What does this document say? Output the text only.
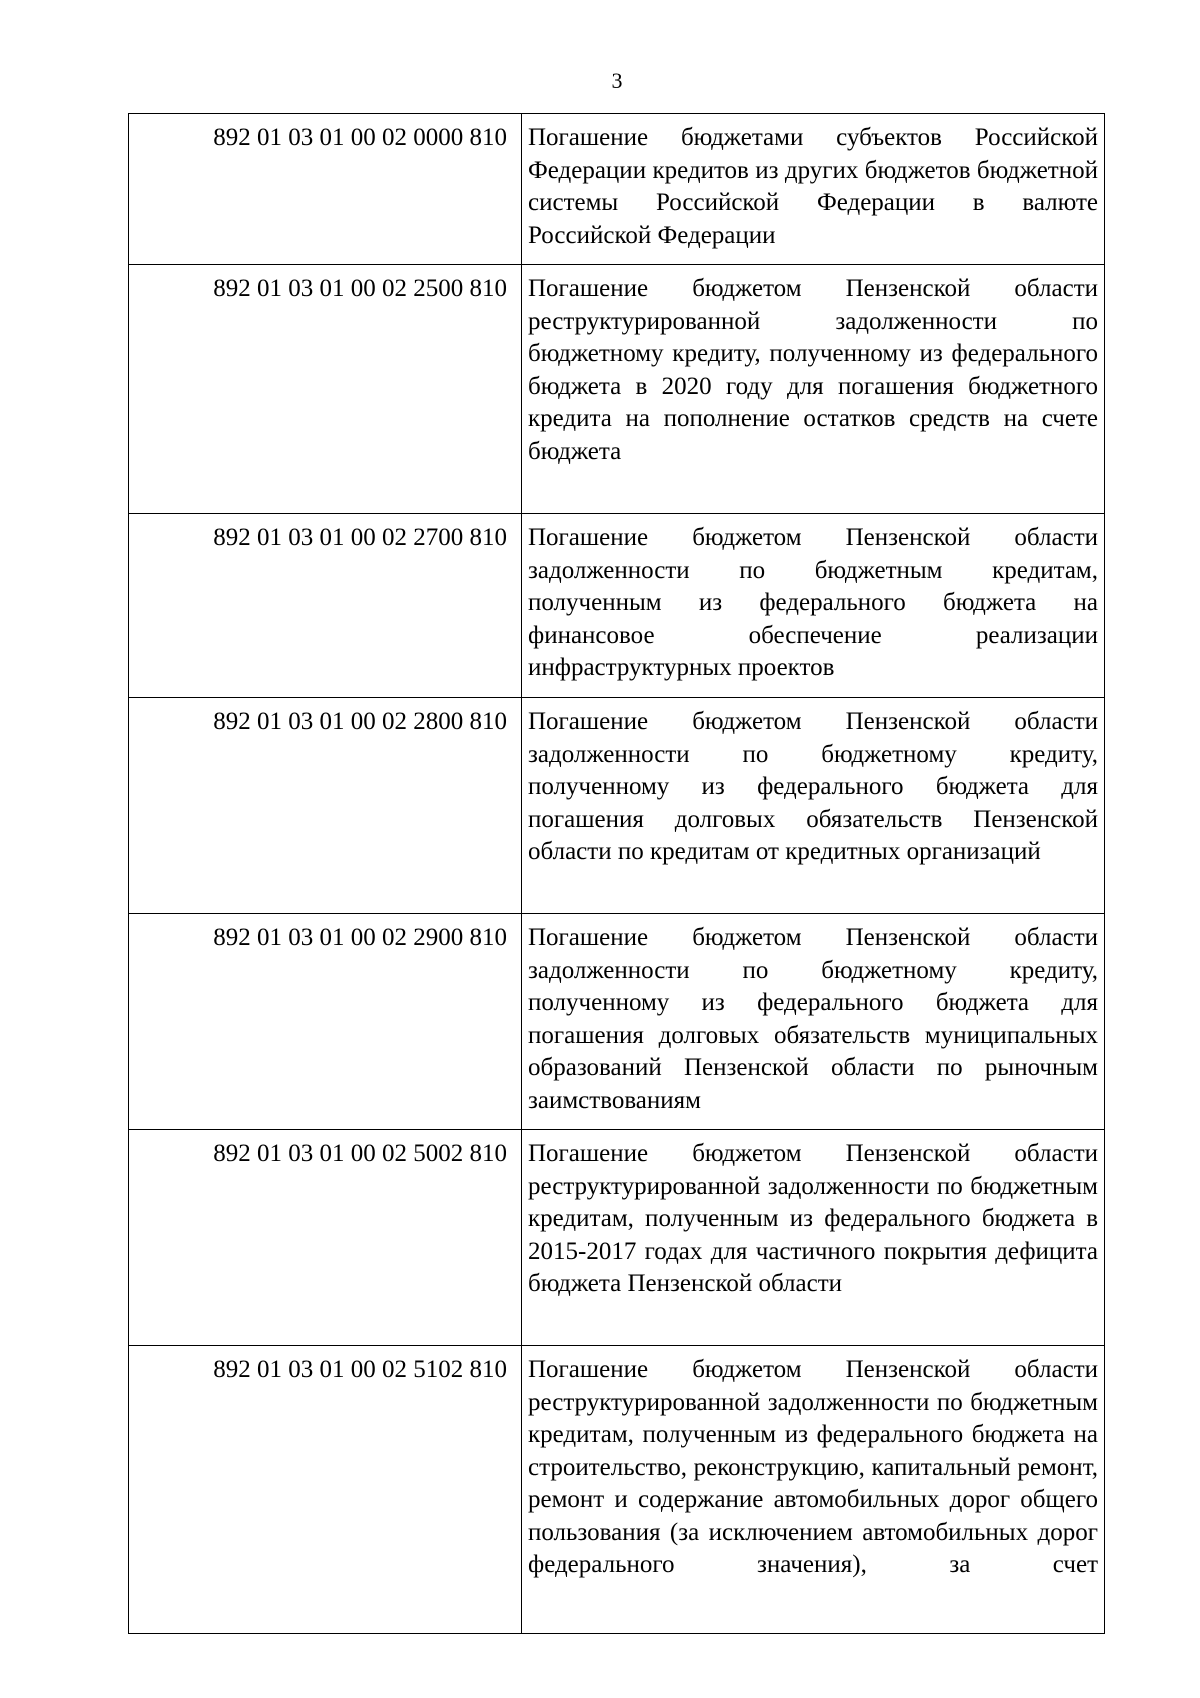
3
892 01 03 01 00 02 0000 810	Погашение бюджетами субъектов Российской Федерации кредитов из других бюджетов бюджетной системы Российской Федерации в валюте Российской Федерации
892 01 03 01 00 02 2500 810	Погашение бюджетом Пензенской области реструктурированной задолженности по бюджетному кредиту, полученному из федерального бюджета в 2020 году для погашения бюджетного кредита на пополнение остатков средств на счете бюджета
892 01 03 01 00 02 2700 810	Погашение бюджетом Пензенской области задолженности по бюджетным кредитам, полученным из федерального бюджета на финансовое обеспечение реализации инфраструктурных проектов
892 01 03 01 00 02 2800 810	Погашение бюджетом Пензенской области задолженности по бюджетному кредиту, полученному из федерального бюджета для погашения долговых обязательств Пензенской области по кредитам от кредитных организаций
892 01 03 01 00 02 2900 810	Погашение бюджетом Пензенской области задолженности по бюджетному кредиту, полученному из федерального бюджета для погашения долговых обязательств муниципальных образований Пензенской области по рыночным заимствованиям
892 01 03 01 00 02 5002 810	Погашение бюджетом Пензенской области реструктурированной задолженности по бюджетным кредитам, полученным из федерального бюджета в 2015-2017 годах для частичного покрытия дефицита бюджета Пензенской области
892 01 03 01 00 02 5102 810	Погашение бюджетом Пензенской области реструктурированной задолженности по бюджетным кредитам, полученным из федерального бюджета на строительство, реконструкцию, капитальный ремонт, ремонт и содержание автомобильных дорог общего пользования (за исключением автомобильных дорог федерального значения), за счет
